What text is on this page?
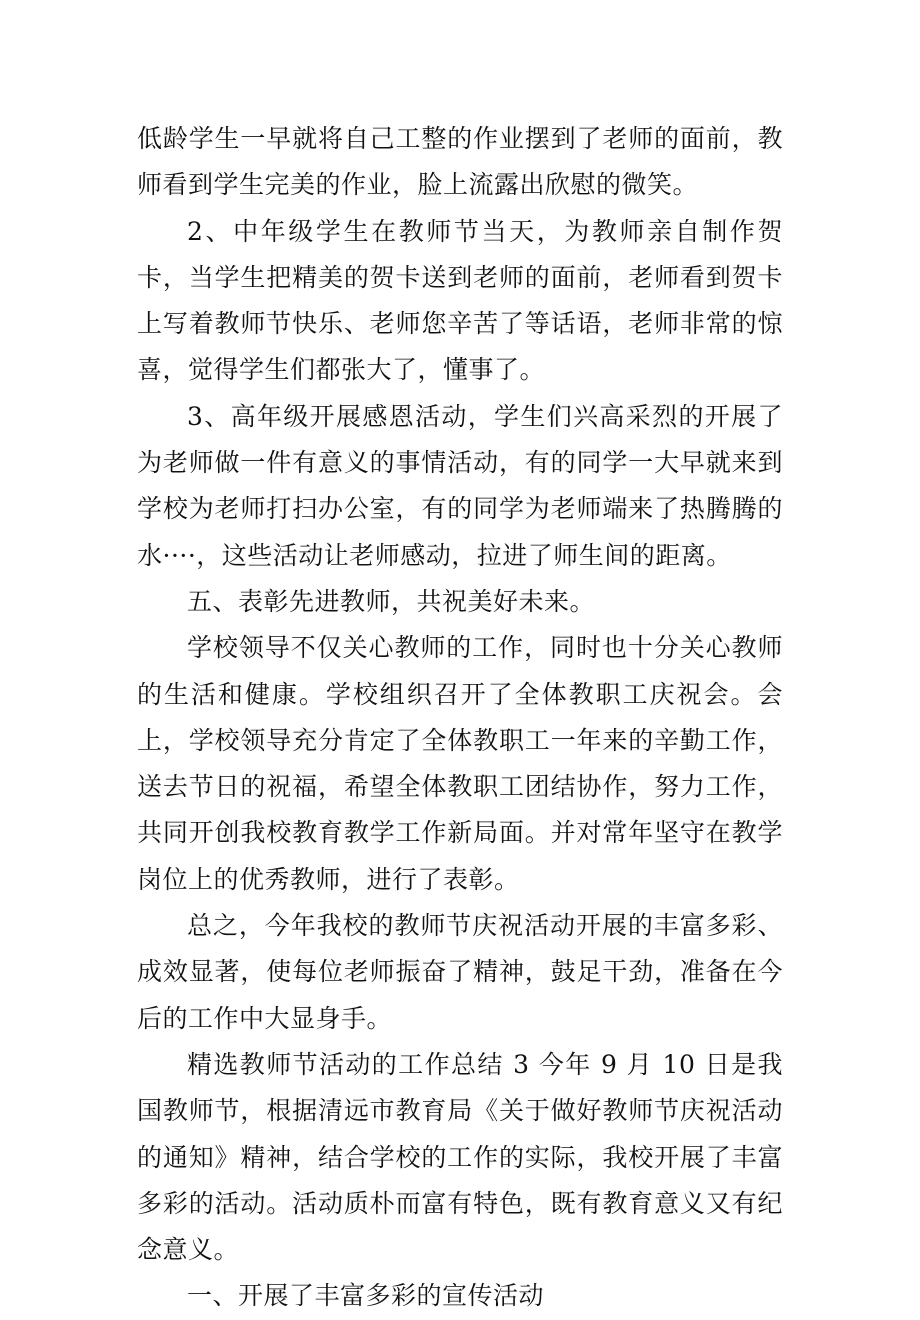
低龄学生一早就将自己工整的作业摆到了老师的面前，教师看到学生完美的作业，脸上流露出欣慰的微笑。

2、中年级学生在教师节当天，为教师亲自制作贺卡，当学生把精美的贺卡送到老师的面前，老师看到贺卡上写着教师节快乐、老师您辛苦了等话语，老师非常的惊喜，觉得学生们都张大了，懂事了。

3、高年级开展感恩活动，学生们兴高采烈的开展了为老师做一件有意义的事情活动，有的同学一大早就来到学校为老师打扫办公室，有的同学为老师端来了热腾腾的水····，这些活动让老师感动，拉进了师生间的距离。

五、表彰先进教师，共祝美好未来。

学校领导不仅关心教师的工作，同时也十分关心教师的生活和健康。学校组织召开了全体教职工庆祝会。会上，学校领导充分肯定了全体教职工一年来的辛勤工作，送去节日的祝福，希望全体教职工团结协作，努力工作，共同开创我校教育教学工作新局面。并对常年坚守在教学岗位上的优秀教师，进行了表彰。

总之，今年我校的教师节庆祝活动开展的丰富多彩、成效显著，使每位老师振奋了精神，鼓足干劲，准备在今后的工作中大显身手。

精选教师节活动的工作总结 3 今年 9 月 10 日是我国教师节，根据清远市教育局《关于做好教师节庆祝活动的通知》精神，结合学校的工作的实际，我校开展了丰富多彩的活动。活动质朴而富有特色，既有教育意义又有纪念意义。

一、开展了丰富多彩的宣传活动
